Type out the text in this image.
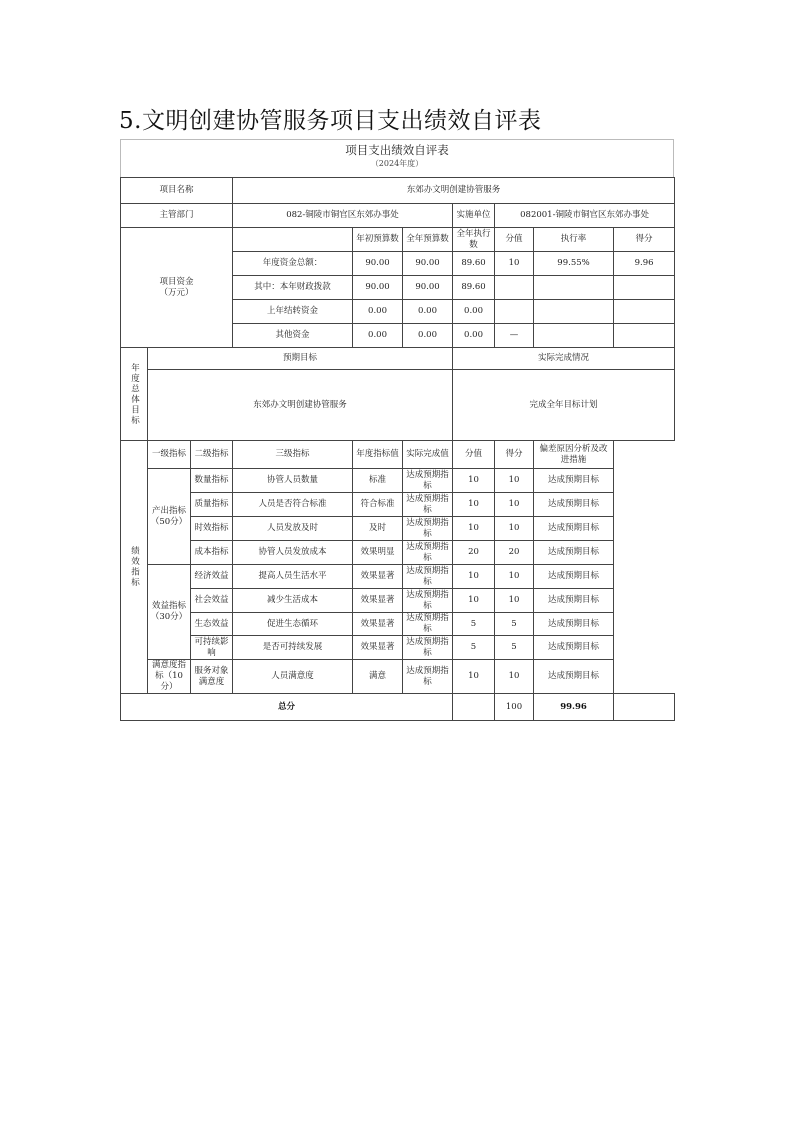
5.文明创建协管服务项目支出绩效自评表
项目支出绩效自评表
（2024年度）
项目名称			东郊办文明创建协管服务						
主管部门			082-铜陵市铜官区东郊办事处			实施单位	082001-铜陵市铜官区东郊办事处		

项目资金
（万元）				年初预算数	全年预算数	全年执行数	分值	执行率	得分
			年度资金总额：	90.00	90.00	89.60	10	99.55%	9.96
			其中：本年财政拨款	90.00	90.00	89.60			
			上年结转资金	0.00	0.00	0.00			
			其他资金	0.00	0.00	0.00	—		

年度总体目标	预期目标					实际完成情况			
	东郊办文明创建协管服务					完成全年目标计划			

绩效指标	一级指标	二级指标	三级指标	年度指标值	实际完成值	分值	得分	偏差原因分析及改进措施	
	产出指标（50分）	数量指标	协管人员数量	标准	达成预期指标	10	10	达成预期目标	
		质量指标	人员是否符合标准	符合标准	达成预期指标	10	10	达成预期目标	
		时效指标	人员发放及时	及时	达成预期指标	10	10	达成预期目标	
		成本指标	协管人员发放成本	效果明显	达成预期指标	20	20	达成预期目标	
	效益指标（30分）	经济效益	提高人员生活水平	效果显著	达成预期指标	10	10	达成预期目标	
		社会效益	减少生活成本	效果显著	达成预期指标	10	10	达成预期目标	
		生态效益	促进生态循环	效果显著	达成预期指标	5	5	达成预期目标	
		可持续影响	是否可持续发展	效果显著	达成预期指标	5	5	达成预期目标	
	满意度指标（10分）	服务对象满意度	人员满意度	满意	达成预期指标	10	10	达成预期目标	
总分							100	99.96	
